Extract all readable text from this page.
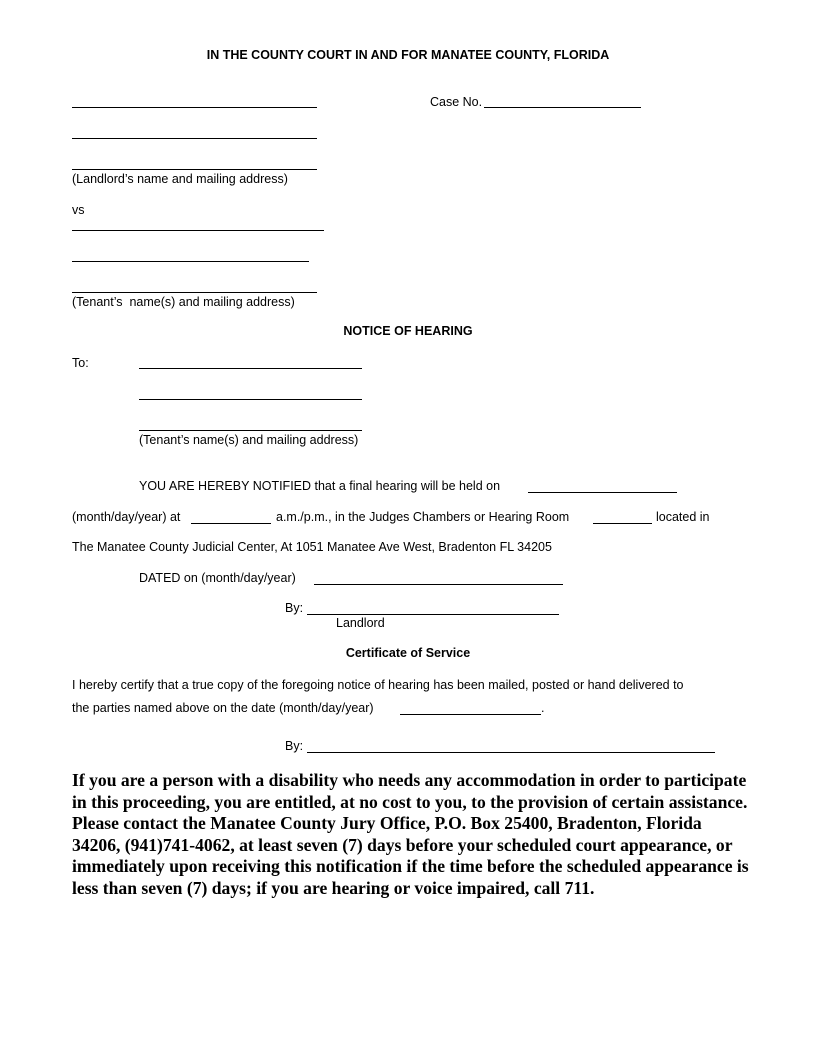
IN THE COUNTY COURT IN AND FOR MANATEE COUNTY, FLORIDA
Case No.
(Landlord’s name and mailing address)
vs
(Tenant’s  name(s) and mailing address)
NOTICE OF HEARING
To:
(Tenant’s name(s) and mailing address)
YOU ARE HEREBY NOTIFIED that a final hearing will be held on
(month/day/year) at	a.m./p.m., in the Judges Chambers or Hearing Room	located in
The Manatee County Judicial Center, At 1051 Manatee Ave West, Bradenton FL 34205
DATED on (month/day/year)
By:
Landlord
Certificate of Service
I hereby certify that a true copy of the foregoing notice of hearing has been mailed, posted or hand delivered to
the parties named above on the date (month/day/year)	.
By:
If you are a person with a disability who needs any accommodation in order to participate in this proceeding, you are entitled, at no cost to you, to the provision of certain assistance. Please contact the Manatee County Jury Office, P.O. Box 25400, Bradenton, Florida 34206, (941)741-4062, at least seven (7) days before your scheduled court appearance, or immediately upon receiving this notification if the time before the scheduled appearance is less than seven (7) days; if you are hearing or voice impaired, call 711.
